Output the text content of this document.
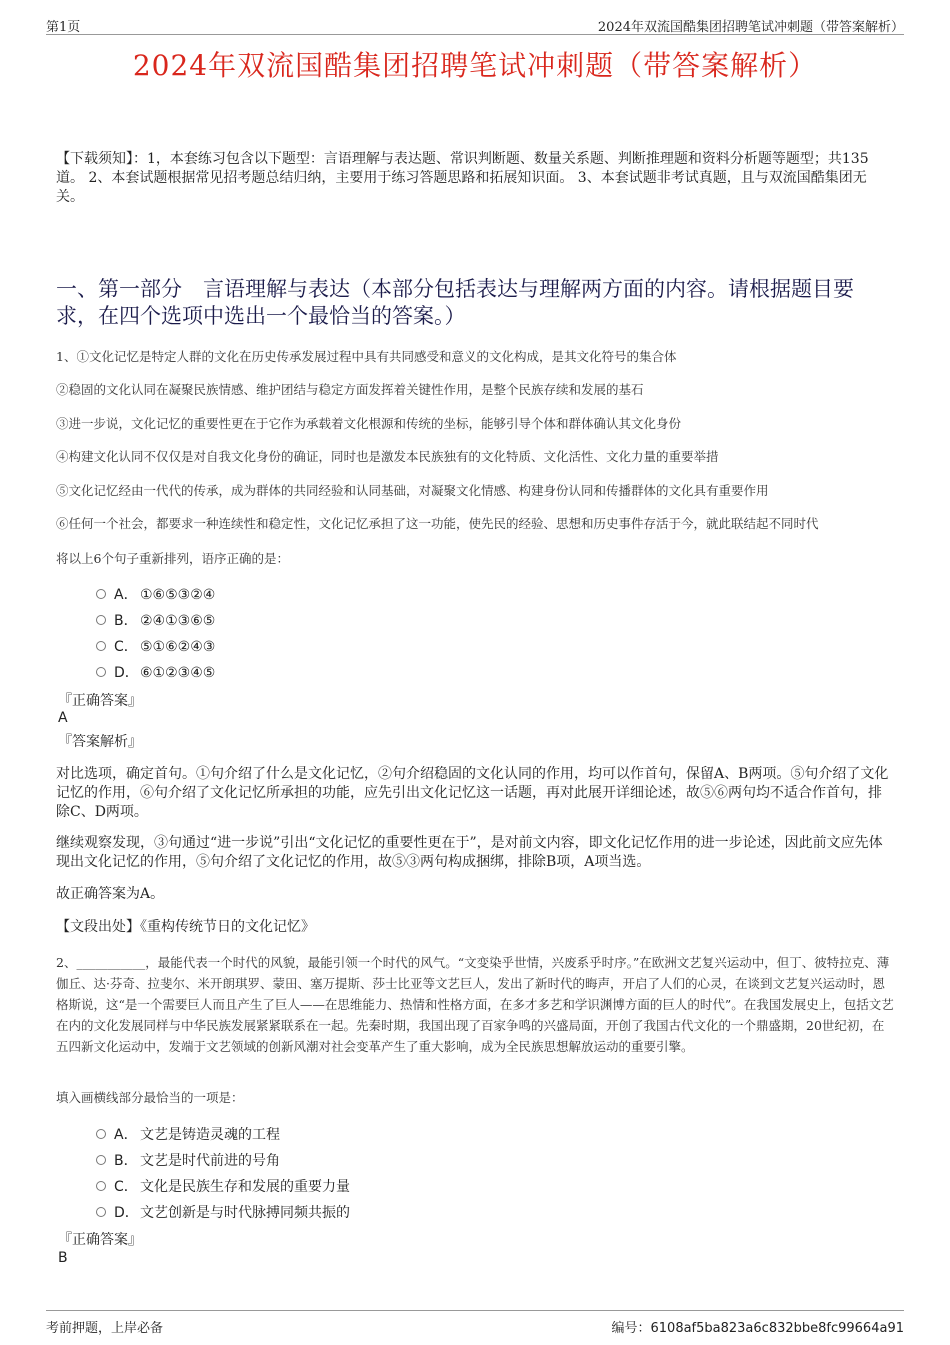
第1页	2024年双流国酷集团招聘笔试冲刺题（带答案解析）
2024年双流国酷集团招聘笔试冲刺题（带答案解析）
【下载须知】：1，本套练习包含以下题型：言语理解与表达题、常识判断题、数量关系题、判断推理题和资料分析题等题型；共135道。 2、本套试题根据常见招考题总结归纳，主要用于练习答题思路和拓展知识面。 3、本套试题非考试真题，且与双流国酷集团无关。
一、第一部分　言语理解与表达（本部分包括表达与理解两方面的内容。请根据题目要求，在四个选项中选出一个最恰当的答案。）
1、①文化记忆是特定人群的文化在历史传承发展过程中具有共同感受和意义的文化构成，是其文化符号的集合体
②稳固的文化认同在凝聚民族情感、维护团结与稳定方面发挥着关键性作用，是整个民族存续和发展的基石
③进一步说，文化记忆的重要性更在于它作为承载着文化根源和传统的坐标，能够引导个体和群体确认其文化身份
④构建文化认同不仅仅是对自我文化身份的确证，同时也是激发本民族独有的文化特质、文化活性、文化力量的重要举措
⑤文化记忆经由一代代的传承，成为群体的共同经验和认同基础，对凝聚文化情感、构建身份认同和传播群体的文化具有重要作用
⑥任何一个社会，都要求一种连续性和稳定性，文化记忆承担了这一功能，使先民的经验、思想和历史事件存活于今，就此联结起不同时代
将以上6个句子重新排列，语序正确的是：
A． ①⑥⑤③②④
B． ②④①③⑥⑤
C． ⑤①⑥②④③
D．⑥①②③④⑤
『正确答案』
A
『答案解析』
对比选项，确定首句。①句介绍了什么是文化记忆，②句介绍稳固的文化认同的作用，均可以作首句，保留A、B两项。⑤句介绍了文化记忆的作用，⑥句介绍了文化记忆所承担的功能，应先引出文化记忆这一话题，再对此展开详细论述，故⑤⑥两句均不适合作首句，排除C、D两项。
继续观察发现，③句通过“进一步说”引出“文化记忆的重要性更在于”，是对前文内容，即文化记忆作用的进一步论述，因此前文应先体现出文化记忆的作用，⑤句介绍了文化记忆的作用，故⑤③两句构成捆绑，排除B项，A项当选。
故正确答案为A。
【文段出处】《重构传统节日的文化记忆》
2、___________，最能代表一个时代的风貌，最能引领一个时代的风气。“文变染乎世情，兴废系乎时序。”在欧洲文艺复兴运动中，但丁、彼特拉克、薄伽丘、达·芬奇、拉斐尔、米开朗琪罗、蒙田、塞万提斯、莎士比亚等文艺巨人，发出了新时代的晦声，开启了人们的心灵，在谈到文艺复兴运动时，恩格斯说，这“是一个需要巨人而且产生了巨人——在思维能力、热情和性格方面，在多才多艺和学识渊博方面的巨人的时代”。在我国发展史上，包括文艺在内的文化发展同样与中华民族发展紧紧联系在一起。先秦时期，我国出现了百家争鸣的兴盛局面，开创了我国古代文化的一个鼎盛期，20世纪初，在五四新文化运动中，发端于文艺领域的创新风潮对社会变革产生了重大影响，成为全民族思想解放运动的重要引擎。
填入画横线部分最恰当的一项是：
A． 文艺是铸造灵魂的工程
B． 文艺是时代前进的号角
C． 文化是民族生存和发展的重要力量
D．文艺创新是与时代脉搏同频共振的
『正确答案』
B
考前押题，上岸必备	编号：6108af5ba823a6c832bbe8fc99664a91
